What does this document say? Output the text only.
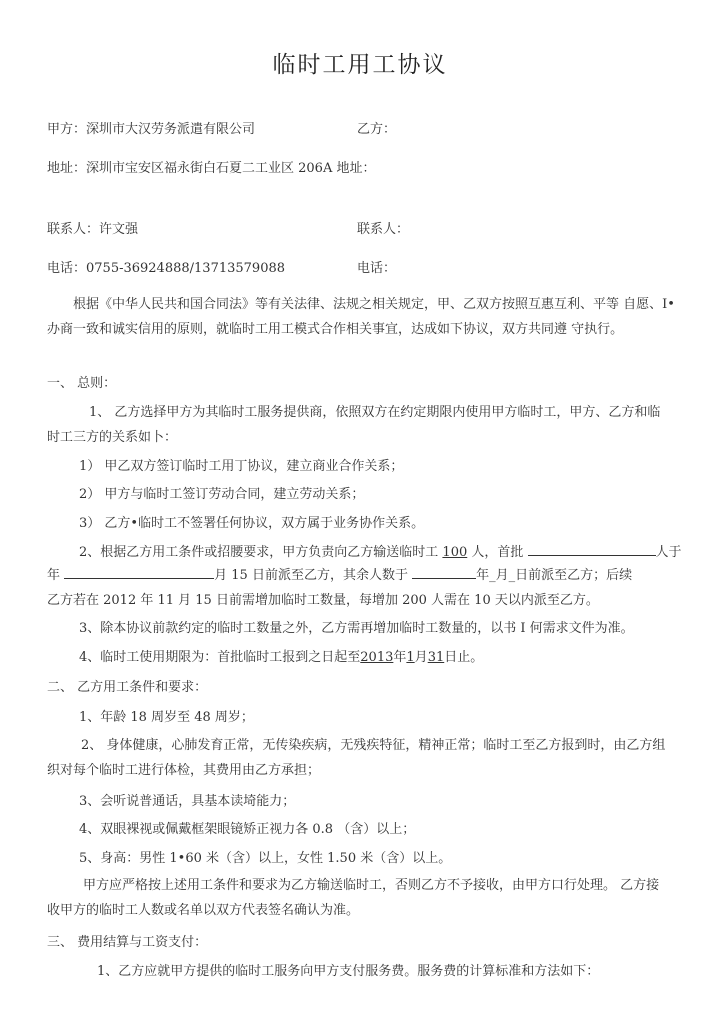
临时工用工协议
甲方：深圳市大汉劳务派遣有限公司	乙方：
地址：深圳市宝安区福永街白石夏二工业区 206A 地址：
联系人：许文强	联系人：
电话：0755-36924888/13713579088	电话：
根据《中华人民共和国合同法》等有关法律、法规之相关规定，甲、乙双方按照互惠互利、平等 自愿、I•办商一致和诚实信用的原则，就临时工用工模式合作相关事宜，达成如下协议，双方共同遵 守执行。
一、 总则：
1、 乙方选择甲方为其临时工服务提供商，依照双方在约定期限内使用甲方临时工，甲方、乙方和临时工三方的关系如卜：
1） 甲乙双方签订临时工用丁协议，建立商业合作关系；
2） 甲方与临时工签订劳动合同，建立劳动关系；
3） 乙方•临时工不签署任何协议，双方属于业务协作关系。
2、根据乙方用工条件或招腰要求，甲方负责向乙方输送临时工 100 人，首批	人于
年	月 15 日前派至乙方，其余人数于	年_月_日前派至乙方；后续
乙方若在 2012 年 11 月 15 日前需增加临时工数量，每增加 200 人需在 10 天以内派至乙方。
3、除本协议前款约定的临时工数量之外，乙方需再增加临时工数量的，以书 I 何需求文件为准。
4、临时工使用期限为：首批临时工报到之日起至2013年1月31日止。
二、 乙方用工条件和要求：
1、年龄 18 周岁至 48 周岁；
2、 身体健康，心肺发育正常，无传染疾病，无残疾特征，精神正常；临时工至乙方报到时，由乙方组织对每个临时工进行体检，其费用由乙方承担；
3、会听说普通话，具基本读埼能力；
4、双眼裸视或佩戴框架眼镜矫正视力各 0.8 （含）以上；
5、身高：男性 1•60 米（含）以上，女性 1.50 米（含）以上。
甲方应严格按上述用工条件和要求为乙方输送临时工，否则乙方不予接收，由甲方口行处理。 乙方接收甲方的临时工人数或名单以双方代表签名确认为准。
三、 费用结算与工资支付：
1、乙方应就甲方提供的临时工服务向甲方支付服务费。服务费的计算标准和方法如下：
